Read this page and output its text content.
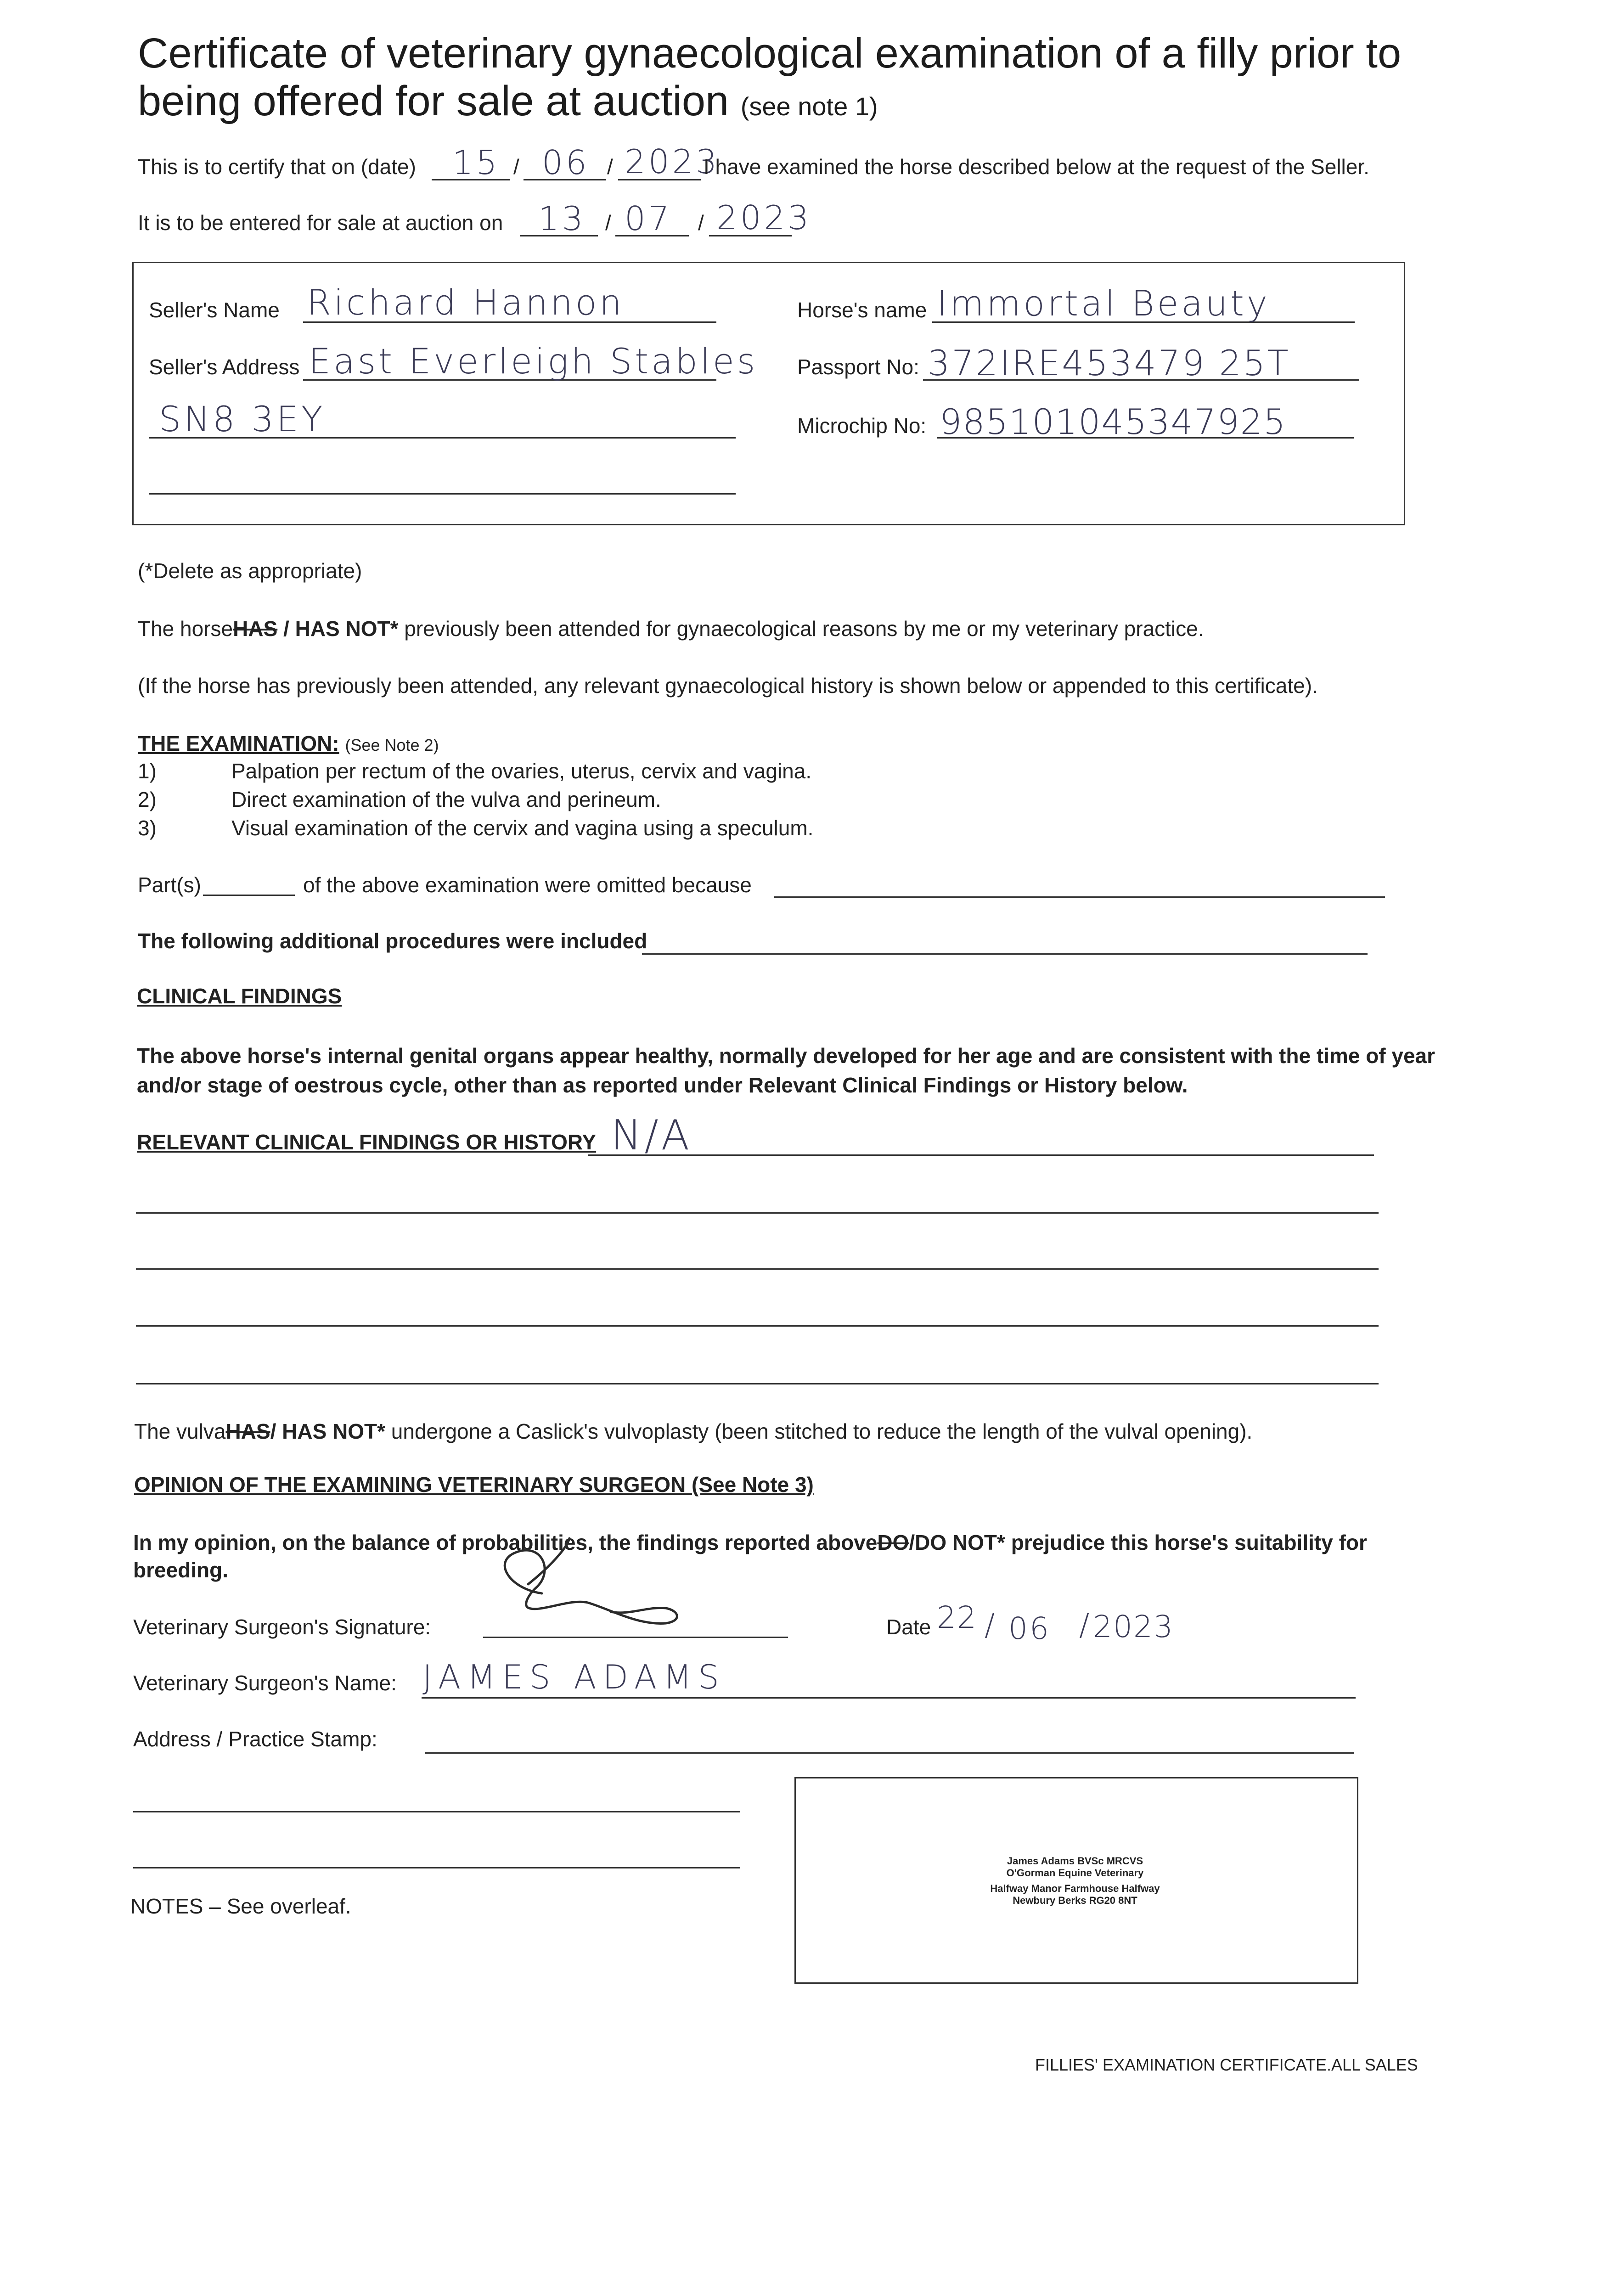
Certificate of veterinary gynaecological examination of a filly prior to
being offered for sale at auction (see note 1)
This is to certify that on (date) 15 / 06 / 2023
I have examined the horse described below at the request of the Seller.
It is to be entered for sale at auction on 13 / 07 / 2023
Seller's Name Richard Hannon
Seller's Address East Everleigh Stables
SN8 3EY
Horse's name Immortal Beauty
Passport No: 372IRE453479 25T
Microchip No: 985101045347925
(*Delete as appropriate)
The horseHAS / HAS NOT* previously been attended for gynaecological reasons by me or my veterinary practice.
(If the horse has previously been attended, any relevant gynaecological history is shown below or appended to this certificate).
THE EXAMINATION: (See Note 2)
1)	Palpation per rectum of the ovaries, uterus, cervix and vagina.
2)	Direct examination of the vulva and perineum.
3)	Visual examination of the cervix and vagina using a speculum.
Part(s)	of the above examination were omitted because
The following additional procedures were included
CLINICAL FINDINGS
The above horse's internal genital organs appear healthy, normally developed for her age and are consistent with the time of year
and/or stage of oestrous cycle, other than as reported under Relevant Clinical Findings or History below.
RELEVANT CLINICAL FINDINGS OR HISTORY N/A
The vulvaHAS/ HAS NOT* undergone a Caslick's vulvoplasty (been stitched to reduce the length of the vulval opening).
OPINION OF THE EXAMINING VETERINARY SURGEON (See Note 3)
In my opinion, on the balance of probabilities, the findings reported aboveDO/DO NOT* prejudice this horse's suitability for
breeding.
Veterinary Surgeon's Signature:	Date 22 / 06 / 2023
Veterinary Surgeon's Name: JAMES ADAMS
Address / Practice Stamp:
James Adams BVSc MRCVS
O'Gorman Equine Veterinary
Halfway Manor Farmhouse Halfway
Newbury Berks RG20 8NT
NOTES – See overleaf.
FILLIES' EXAMINATION CERTIFICATE.ALL SALES
